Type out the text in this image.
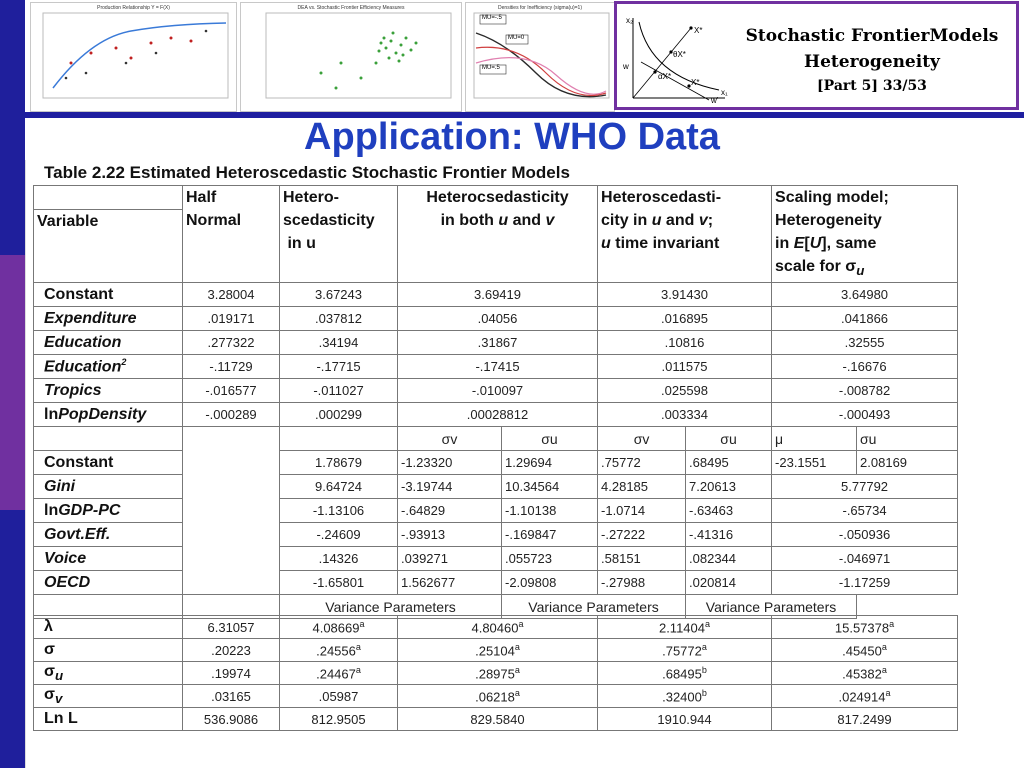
Production Relationship Y = F(X)	DEA vs. Stochastic Frontier Efficiency Measures	Densities for Inefficiency (sigma(u)=1)
MU=-.5
MU=0
MU=.5
x₂
X*
θX*
αX*
X*
w
w'
x₁
Stochastic FrontierModels
Heterogeneity
[Part 5] 33/53
Application: WHO Data
Table 2.22 Estimated Heteroscedastic Stochastic Frontier Models
	Half
Normal	Hetero-
scedasticity
in u	Heterocsedasticity
in both u and v		Heteroscedasti-
city in u and v;
u time invariant		Scaling model;
Heterogeneity
in E[U], same
scale for $\sigma_u$
Variable								

Constant	3.28004	3.67243	3.69419		3.91430		3.64980	
Expenditure	.019171	.037812	.04056		.016895		.041866	
Education	.277322	.34194	.31867		.10816		.32555	
Education$^2$	-.11729	-.17715	-.17415		.011575		-.16676	
Tropics	-.016577	-.011027	-.010097		.025598		-.008782	
lnPopDensity	-.000289	.000299	.00028812		.003334		-.000493	
			σv	σu	σv	σu	μ	σu
Constant		1.78679	-1.23320	1.29694	.75772	.68495	-23.1551	2.08169
Gini		9.64724	-3.19744	10.34564	4.28185	7.20613	5.77792	
lnGDP-PC		-1.13106	-.64829	-1.10138	-1.0714	-.63463	-.65734	
Govt.Eff.		-.24609	-.93913	-.169847	-.27222	-.41316	-.050936	
Voice		.14326	.039271	.055723	.58151	.082344	-.046971	
OECD		-1.65801	1.562677	-2.09808	-.27988	.020814	-1.17259	
		Variance Parameters		Variance Parameters		Variance Parameters		
λ	6.31057	4.08669$^a$	4.80460$^a$	2.11404$^a$	15.57378$^a$
σ	.20223	.24556$^a$	.25104$^a$	.75772$^a$	.45450$^a$
$\sigma_u$	.19974	.24467$^a$	.28975$^a$	.68495$^b$	.45382$^a$
$\sigma_v$	.03165	.05987	.06218$^a$	.32400$^b$	.024914$^a$
Ln L	536.9086	812.9505	829.5840	1910.944	817.2499
